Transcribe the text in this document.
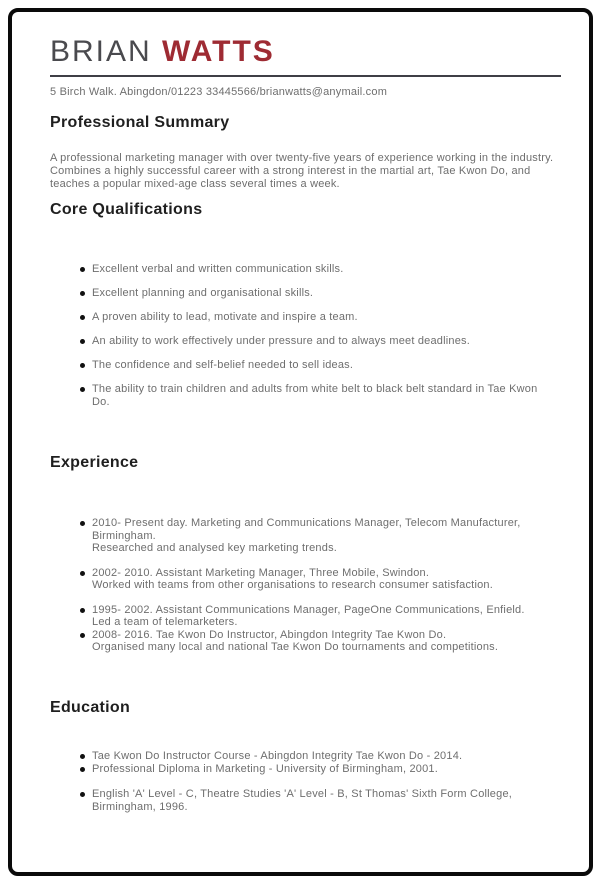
BRIAN WATTS
5 Birch Walk. Abingdon/01223 33445566/brianwatts@anymail.com
Professional Summary

A professional marketing manager with over twenty-five years of experience working in the industry. Combines a highly successful career with a strong interest in the martial art, Tae Kwon Do, and teaches a popular mixed-age class several times a week.

Core Qualifications
Excellent verbal and written communication skills.
Excellent planning and organisational skills.
A proven ability to lead, motivate and inspire a team.
An ability to work effectively under pressure and to always meet deadlines.
The confidence and self-belief needed to sell ideas.
The ability to train children and adults from white belt to black belt standard in Tae Kwon Do.
Experience
2010- Present day. Marketing and Communications Manager, Telecom Manufacturer, Birmingham.
Researched and analysed key marketing trends.
2002- 2010. Assistant Marketing Manager, Three Mobile, Swindon.
Worked with teams from other organisations to research consumer satisfaction.
1995- 2002. Assistant Communications Manager, PageOne Communications, Enfield.
Led a team of telemarketers.
2008- 2016. Tae Kwon Do Instructor, Abingdon Integrity Tae Kwon Do.
Organised many local and national Tae Kwon Do tournaments and competitions.
Education
Tae Kwon Do Instructor Course - Abingdon Integrity Tae Kwon Do - 2014.
Professional Diploma in Marketing - University of Birmingham, 2001.
English 'A' Level - C, Theatre Studies 'A' Level - B, St Thomas' Sixth Form College, Birmingham, 1996.
